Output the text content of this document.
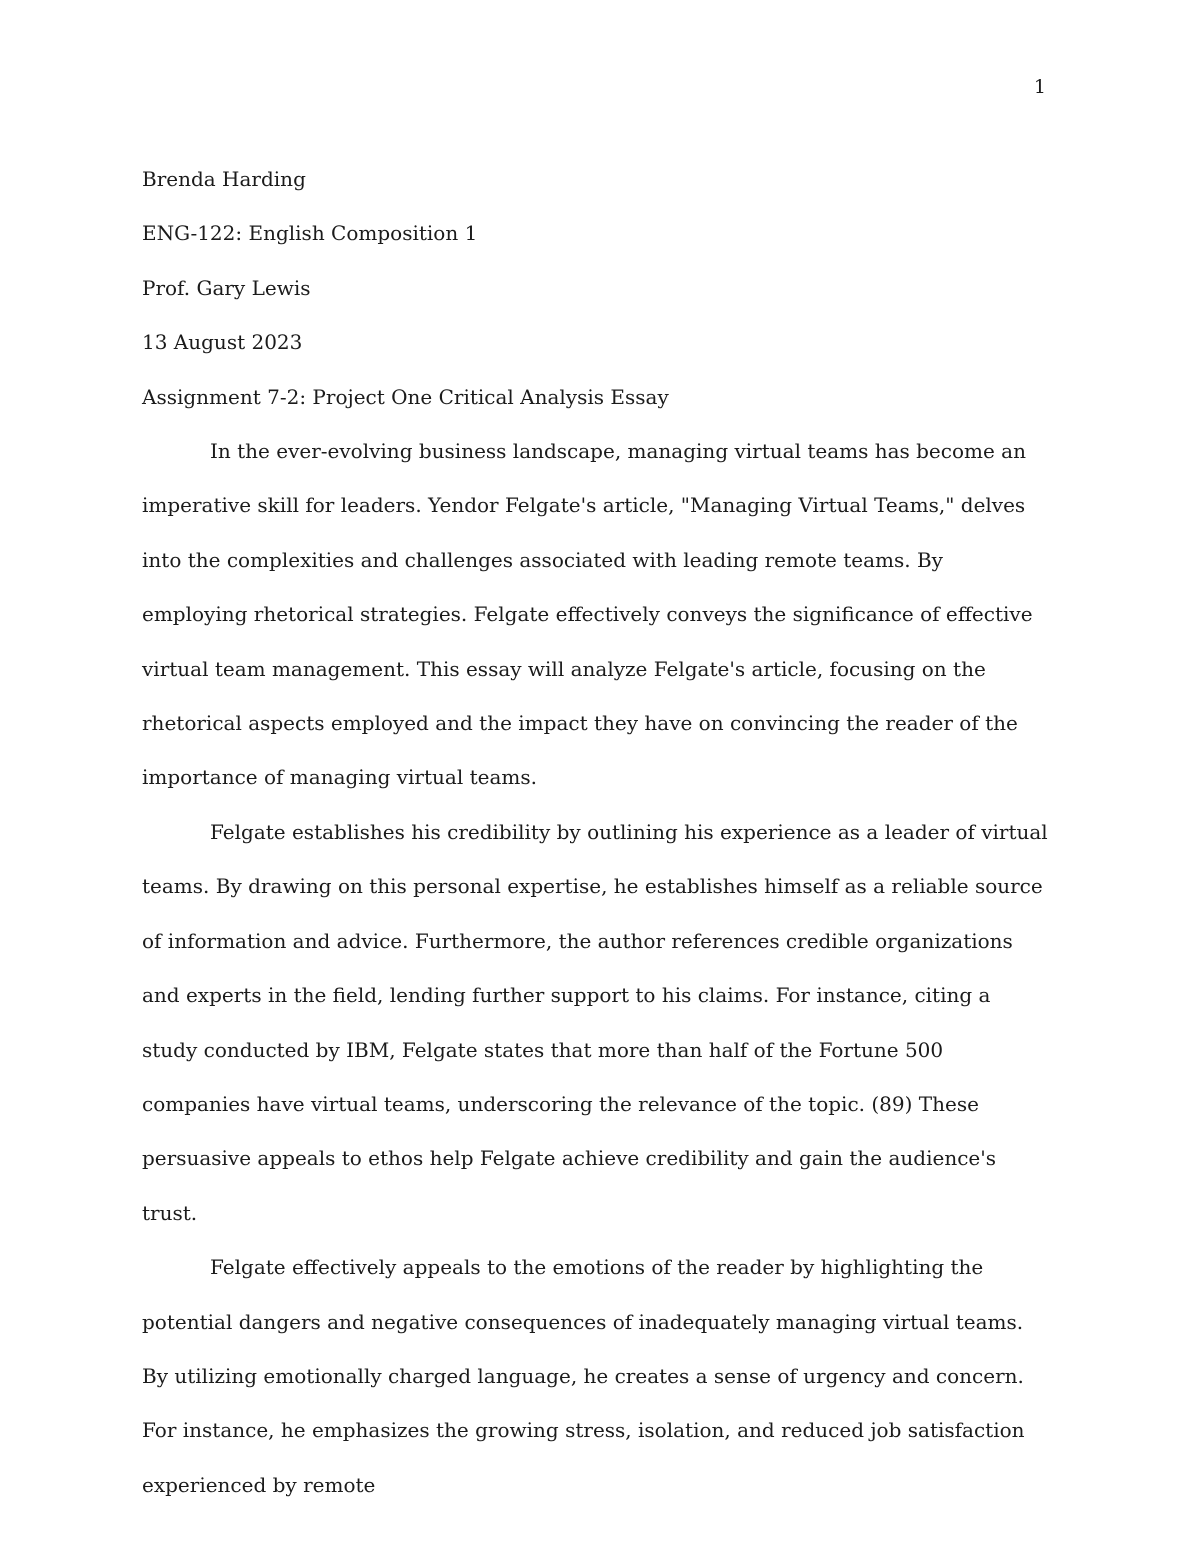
1

Brenda Harding

ENG-122: English Composition 1

Prof. Gary Lewis

13 August 2023

Assignment 7-2: Project One Critical Analysis Essay

In the ever-evolving business landscape, managing virtual teams has become an imperative skill for leaders. Yendor Felgate's article, "Managing Virtual Teams," delves into the complexities and challenges associated with leading remote teams. By employing rhetorical strategies. Felgate effectively conveys the significance of effective virtual team management. This essay will analyze Felgate's article, focusing on the rhetorical aspects employed and the impact they have on convincing the reader of the importance of managing virtual teams.

Felgate establishes his credibility by outlining his experience as a leader of virtual teams. By drawing on this personal expertise, he establishes himself as a reliable source of information and advice. Furthermore, the author references credible organizations and experts in the field, lending further support to his claims. For instance, citing a study conducted by IBM, Felgate states that more than half of the Fortune 500 companies have virtual teams, underscoring the relevance of the topic. (89) These persuasive appeals to ethos help Felgate achieve credibility and gain the audience's trust.

Felgate effectively appeals to the emotions of the reader by highlighting the potential dangers and negative consequences of inadequately managing virtual teams. By utilizing emotionally charged language, he creates a sense of urgency and concern. For instance, he emphasizes the growing stress, isolation, and reduced job satisfaction experienced by remote
